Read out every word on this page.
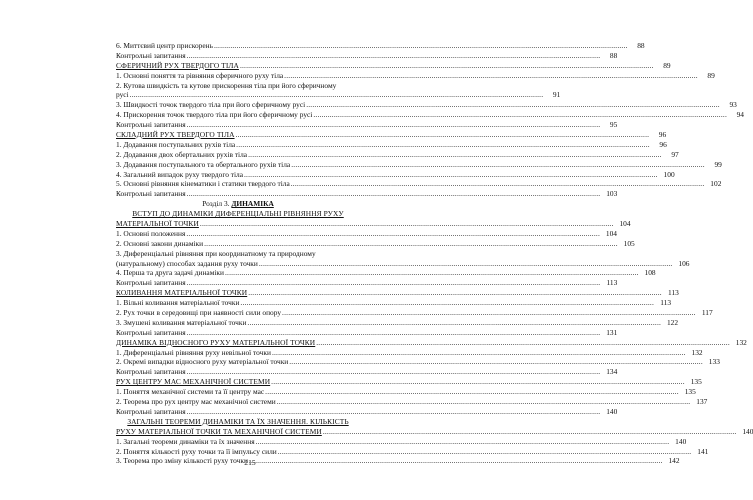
6. Миттєвий центр прискорень .....	88
Контрольні запитання .....	88
СФЕРИЧНИЙ РУХ ТВЕРДОГО ТІЛА .....	89
1. Основні поняття та рівняння сферичного руху тіла .....	89
2. Кутова швидкість та кутове прискорення тіла при його сферичному
русі .....	91
3. Швидкості точок твердого тіла при його сферичному русі .....	93
4. Прискорення точок твердого тіла при його сферичному русі .....	94
Контрольні запитання .....	95
СКЛАДНИЙ РУХ ТВЕРДОГО ТІЛА .....	96
1. Додавання поступальних рухів тіла .....	96
2. Додавання двох обертальних рухів тіла .....	97
3. Додавання поступального та обертального рухів тіла .....	99
4. Загальний випадок руху твердого тіла .....	100
5. Основні рівняння кінематики і статики твердого тіла .....	102
Контрольні запитання .....	103
Розділ 3. ДИНАМІКА
ВСТУП ДО ДИНАМІКИ ДИФЕРЕНЦІАЛЬНІ РІВНЯННЯ РУХУ
МАТЕРІАЛЬНОЇ ТОЧКИ .....	104
1. Основні положення .....	104
2. Основні закони динаміки .....	105
3. Диференціальні рівняння при координатному та природному
(натуральному) способах задання руху точки .....	106
4. Перша та друга задачі динаміки .....	108
Контрольні запитання .....	113
КОЛИВАННЯ МАТЕРІАЛЬНОЇ ТОЧКИ .....	113
1. Вільні коливання матеріальної точки .....	113
2. Рух точки в середовищі при наявності сили опору .....	117
3. Змушені коливання матеріальної точки .....	122
Контрольні запитання .....	131
ДИНАМІКА ВІДНОСНОГО РУХУ МАТЕРІАЛЬНОЇ ТОЧКИ .....	132
1. Диференціальні рівняння руху невільної точки .....	132
2. Окремі випадки відносного руху матеріальної точки .....	133
Контрольні запитання .....	134
РУХ ЦЕНТРУ МАС МЕХАНІЧНОЇ СИСТЕМИ .....	135
1. Поняття механічної системи та її центру мас .....	135
2. Теорема про рух центру мас механічної системи .....	137
Контрольні запитання .....	140
ЗАГАЛЬНІ ТЕОРЕМИ ДИНАМІКИ ТА ЇХ ЗНАЧЕННЯ. КІЛЬКІСТЬ
РУХУ МАТЕРІАЛЬНОЇ ТОЧКИ ТА МЕХАНІЧНОЇ СИСТЕМИ .....	140
1. Загальні теореми динаміки та їх значення .....	140
2. Поняття кількості руху точки та її імпульсу сили .....	141
3. Теорема про зміну кількості руху точки .....	142
215
